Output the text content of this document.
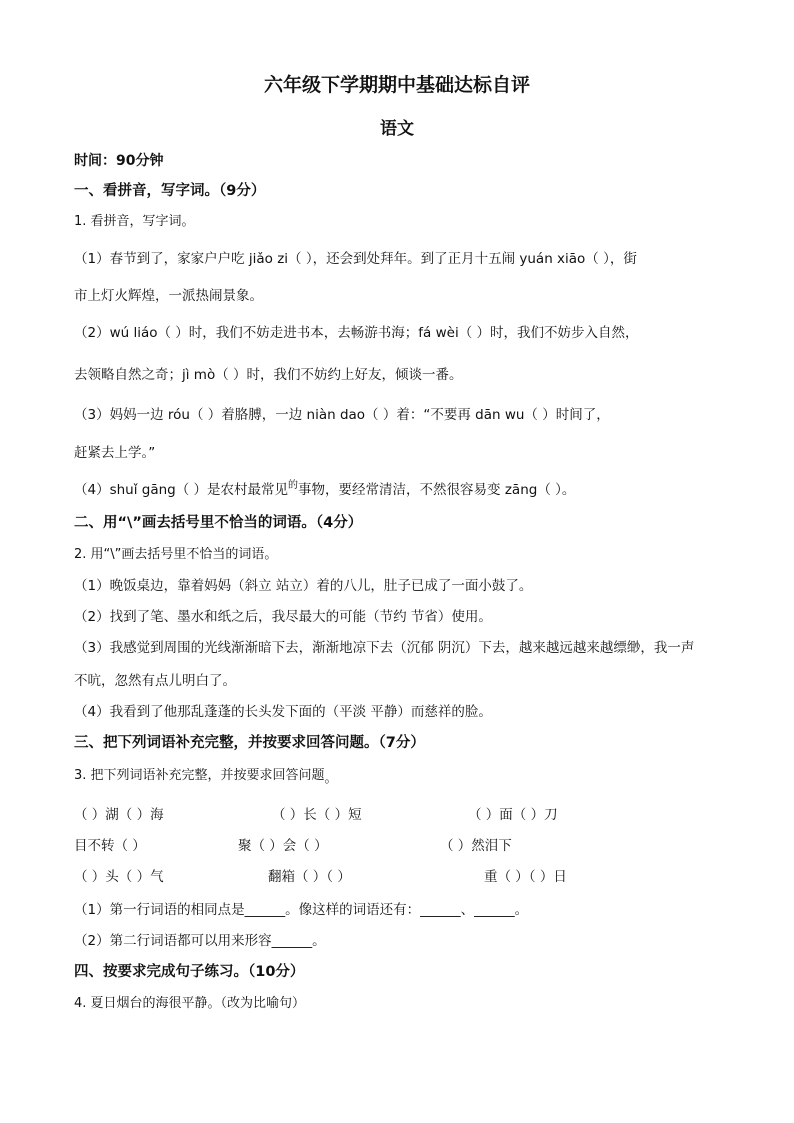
六年级下学期期中基础达标自评
语文
时间：90分钟
一、看拼音，写字词。（9分）
1. 看拼音，写字词。
（1）春节到了，家家户户吃 jiǎo zi（ ），还会到处拜年。到了正月十五闹 yuán xiāo（ ），街
市上灯火辉煌，一派热闹景象。
（2）wú liáo（ ）时，我们不妨走进书本，去畅游书海；fá wèi（ ）时，我们不妨步入自然，
去领略自然之奇；jì mò（ ）时，我们不妨约上好友，倾谈一番。
（3）妈妈一边 róu（ ）着胳膊，一边 niàn dao（ ）着：“不要再 dān wu（ ）时间了，
赶紧去上学。”
（4）shuǐ gāng（ ）是农村最常见$^的$事物，要经常清洁，不然很容易变 zāng（ ）。
二、用“\”画去括号里不恰当的词语。（4分）
2. 用“\”画去括号里不恰当的词语。
（1）晚饭桌边，靠着妈妈（斜立 站立）着的八儿，肚子已成了一面小鼓了。
（2）找到了笔、墨水和纸之后，我尽最大的可能（节约 节省）使用。
（3）我感觉到周围的光线渐渐暗下去，渐渐地凉下去（沉郁 阴沉）下去，越来越远越来越缥缈，我一声
不吭，忽然有点儿明白了。
（4）我看到了他那乱蓬蓬的长头发下面的（平淡 平静）而慈祥的脸。
三、把下列词语补充完整，并按要求回答问题。（7分）
3. 把下列词语补充完整，并按要求回答问题。
（ ）湖（ ）海	（ ）长（ ）短	（ ）面（ ）刀
目不转（ ）	聚（ ）会（ ）	（ ）然泪下
（ ）头（ ）气	翻箱（ ）（ ）	重（ ）（ ）日
（1）第一行词语的相同点是______。像这样的词语还有：______、______。
（2）第二行词语都可以用来形容______。
四、按要求完成句子练习。（10分）
4. 夏日烟台的海很平静。（改为比喻句）
